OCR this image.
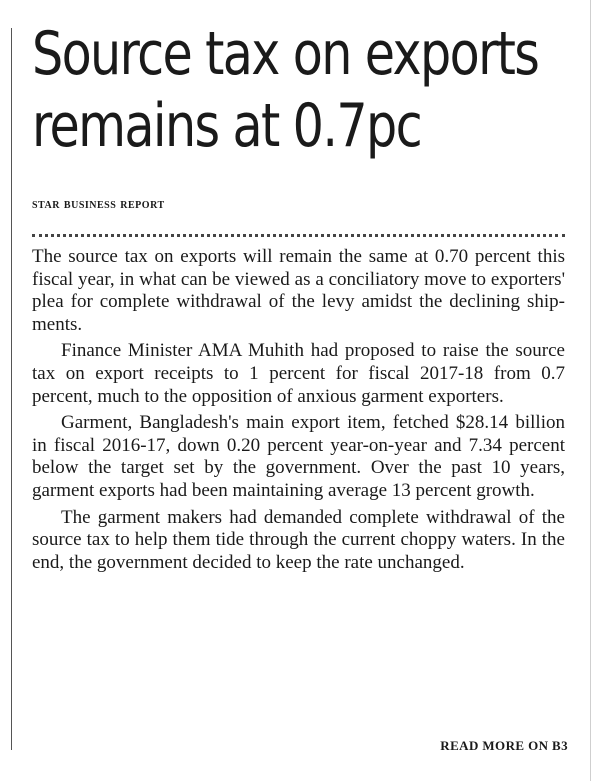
Source tax on exports
remains at 0.7pc
star business report

The source tax on exports will remain the same at 0.70 percent this fiscal year, in what can be viewed as a conciliatory move to exporters' plea for complete withdrawal of the levy amidst the declining shipments.

Finance Minister AMA Muhith had proposed to raise the source tax on export receipts to 1 percent for fiscal 2017-18 from 0.7 percent, much to the opposition of anxious garment exporters.

Garment, Bangladesh's main export item, fetched $28.14 billion in fiscal 2016-17, down 0.20 percent year-on-year and 7.34 percent below the target set by the government. Over the past 10 years, garment exports had been maintaining average 13 percent growth.

The garment makers had demanded complete withdrawal of the source tax to help them tide through the current choppy waters. In the end, the government decided to keep the rate unchanged.

READ MORE ON B3
